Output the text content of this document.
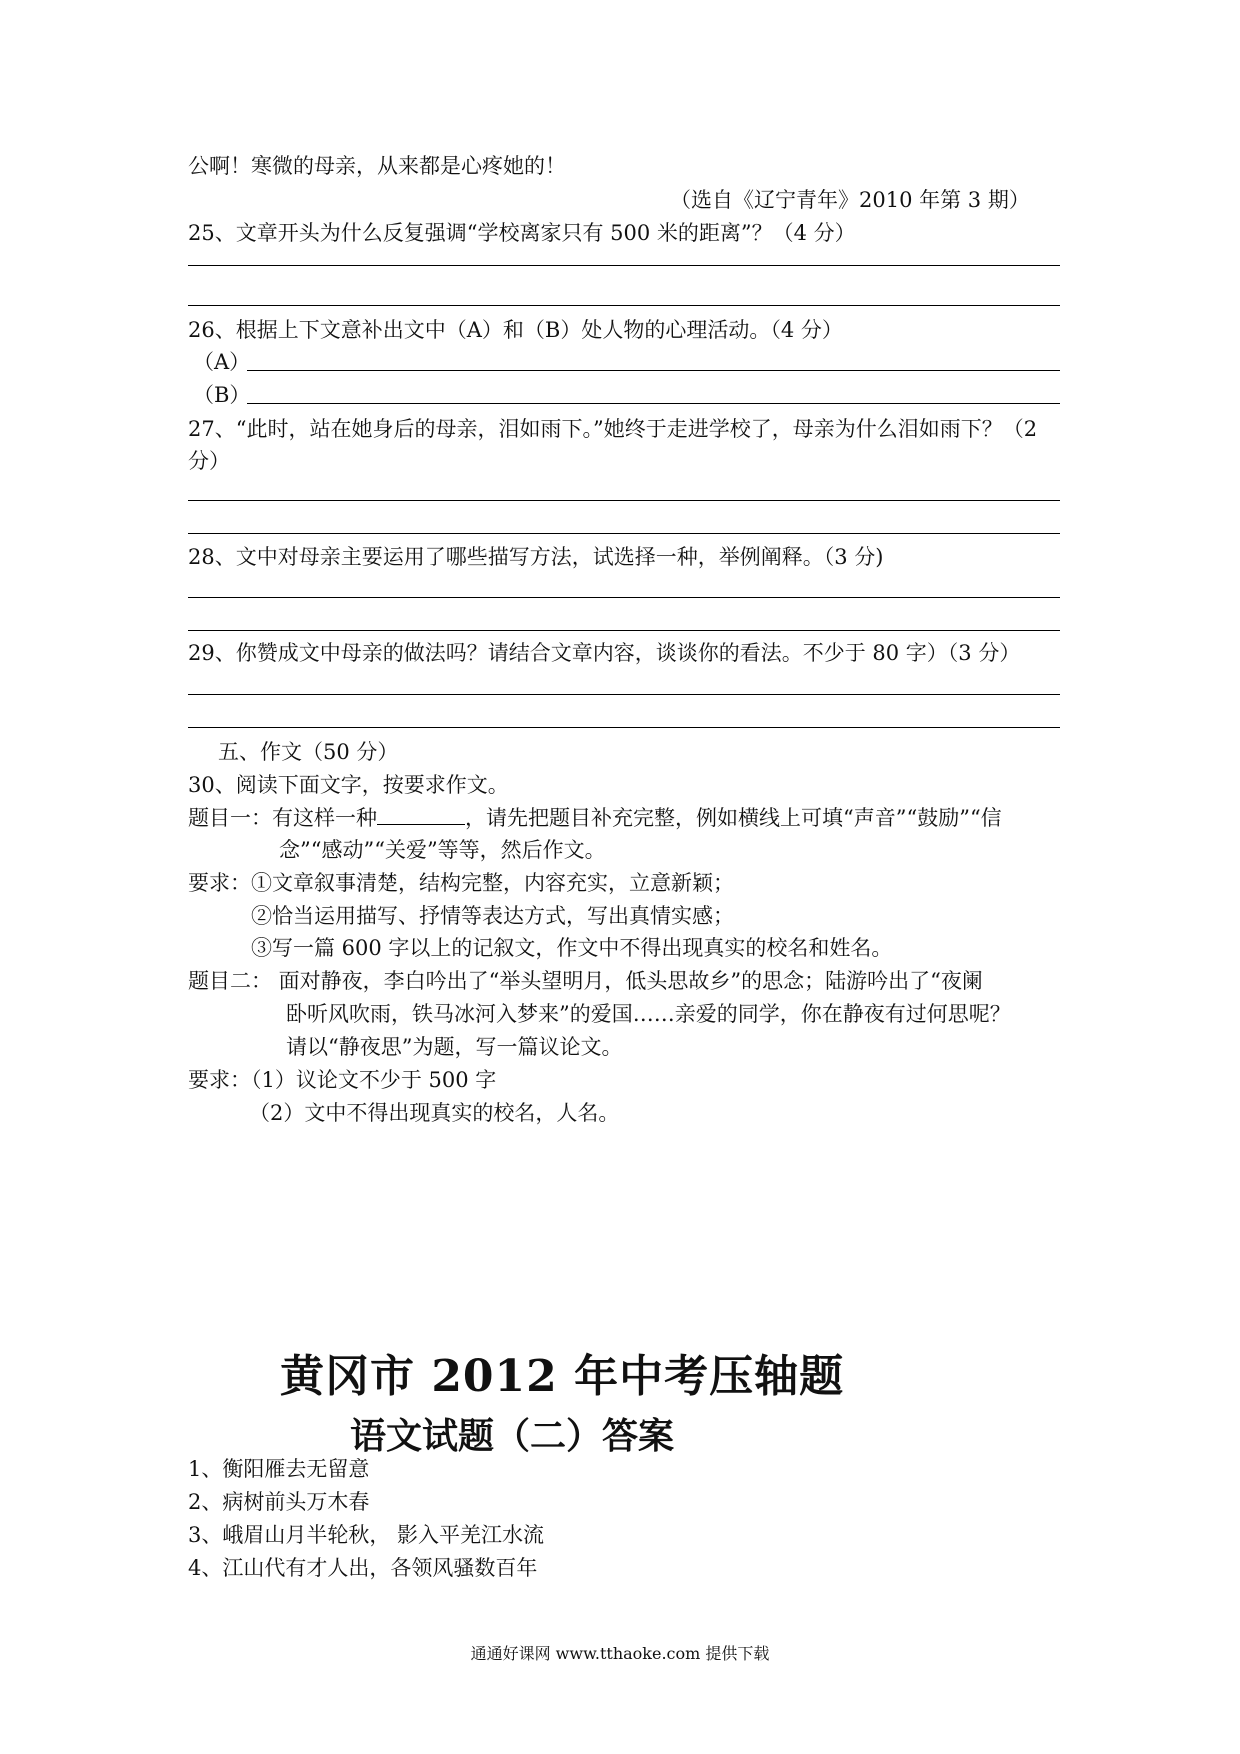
公啊！寒微的母亲，从来都是心疼她的！
（选自《辽宁青年》2010 年第 3 期）
25、文章开头为什么反复强调“学校离家只有 500 米的距离”？（4 分）
26、根据上下文意补出文中（A）和（B）处人物的心理活动。（4 分）
（A）
（B）
27、“此时，站在她身后的母亲，泪如雨下。”她终于走进学校了，母亲为什么泪如雨下？（2
分）
28、文中对母亲主要运用了哪些描写方法，试选择一种，举例阐释。（3 分)
29、你赞成文中母亲的做法吗？请结合文章内容，谈谈你的看法。不少于 80 字）（3 分）
五、作文（50 分）
30、阅读下面文字，按要求作文。
题目一：有这样一种	，请先把题目补充完整，例如横线上可填“声音”“鼓励”“信
念”“感动”“关爱”等等，然后作文。
要求：①文章叙事清楚，结构完整，内容充实，立意新颖；
②恰当运用描写、抒情等表达方式，写出真情实感；
③写一篇 600 字以上的记叙文，作文中不得出现真实的校名和姓名。
题目二： 面对静夜，李白吟出了“举头望明月，低头思故乡”的思念；陆游吟出了“夜阑
卧听风吹雨，铁马冰河入梦来”的爱国……亲爱的同学，你在静夜有过何思呢？
请以“静夜思”为题，写一篇议论文。
要求：（1）议论文不少于 500 字
（2）文中不得出现真实的校名，人名。
黄冈市 2012 年中考压轴题
语文试题（二）答案
1、衡阳雁去无留意
2、病树前头万木春
3、峨眉山月半轮秋， 影入平羌江水流
4、江山代有才人出，各领风骚数百年
通通好课网 www.tthaoke.com 提供下载
